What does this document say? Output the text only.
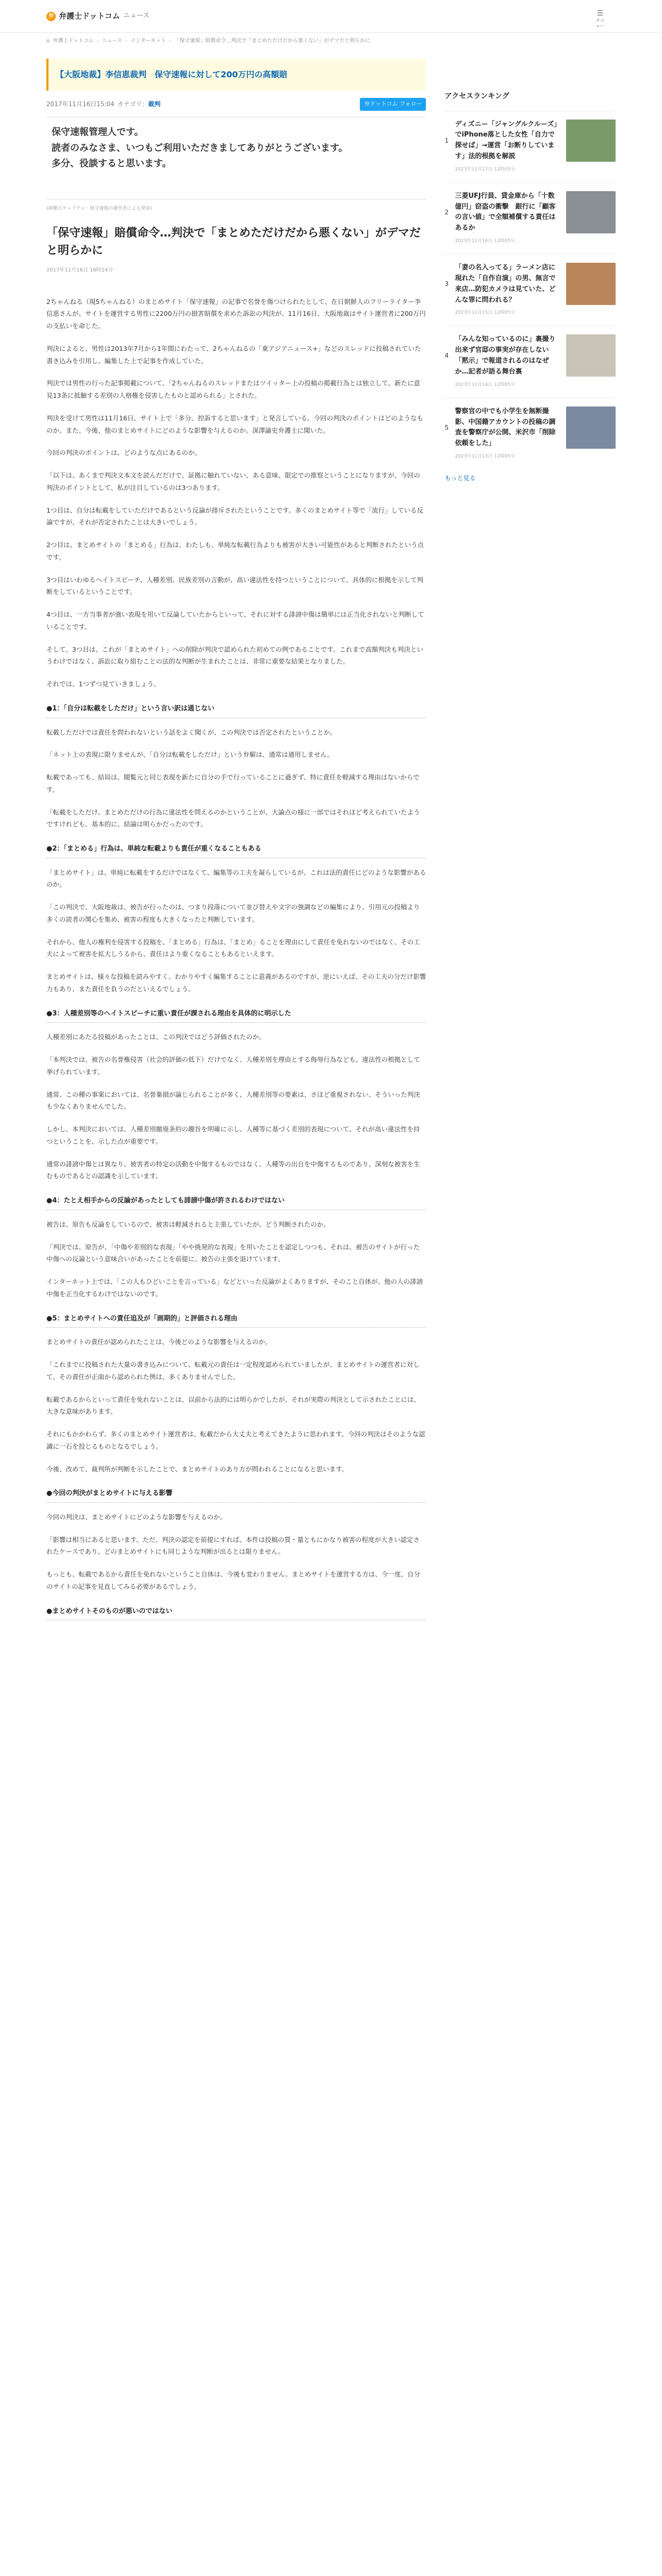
弁 弁護士ドットコム ニュース	☰
メニュー
⌂ 弁護士ドットコム › ニュース › インターネット › 「保守速報」賠償命令…判決で「まとめただけだから悪くない」がデマだと明らかに
【大阪地裁】李信恵裁判　保守速報に対して200万円の高額賠
2017年11月16日15:04 カテゴリ： 裁判	弁ドットコム フォロー
保守速報管理人です。
読者のみなさま、いつもご利用いただきましてありがとうございます。
多分、役談すると思います。
(画像はキャプチャ：保守速報の運営者による発表)
「保守速報」賠償命令…判決で「まとめただけだから悪くない」がデマだと明らかに
2017年11月16日 16時14分

2ちゃんねる（現5ちゃんねる）のまとめサイト「保守速報」の記事で名誉を傷つけられたとして、在日朝鮮人のフリーライター李信恵さんが、サイトを運営する男性に2200万円の損害賠償を求めた訴訟の判決が、11月16日、大阪地裁はサイト運営者に200万円の支払いを命じた。

判決によると、男性は2013年7月から1年間にわたって、2ちゃんねるの「東アジアニュース+」などのスレッドに投稿されていた書き込みを引用し、編集した上で記事を作成していた。

判決では男性の行った記事掲載について、「2ちゃんねるのスレッドまたはツイッター上の投稿の掲載行為とは独立して、新たに意見13条に抵触する差別の人格権を侵害したものと認められる」とされた。

判決を受けて男性は11月16日、サイト上で「多分、控訴すると思います」と発言している。今回の判決のポイントはどのようなものか。また、今後、他のまとめサイトにどのような影響を与えるのか。深澤諭史弁護士に聞いた。

今回の判決のポイントは、どのような点にあるのか。

「以下は、あくまで判決文本文を読んだだけで、証拠に触れていない、ある意味、限定での推察ということになりますが、今回の判決のポイントとして、私が注目しているのは3つあります。

1つ目は、自分は転載をしていただけであるという反論が排斥されたということです。多くのまとめサイト等で「流行」している反論ですが、それが否定されたことは大きいでしょう。

2つ目は、まとめサイトの「まとめる」行為は、わたしも、単純な転載行為よりも被害が大きい可能性があると判断されたという点です。

3つ目はいわゆるヘイトスピーチ、人種差別、民族差別の言動が、高い違法性を持つということについて、具体的に根拠を示して判断をしているということです。

4つ目は、一方当事者が強い表現を用いて反論していたからといって、それに対する誹謗中傷は簡単には正当化されないと判断していることです。

そして、3つ目は、これが「まとめサイト」への削除が判決で認められた初めての例であることです。これまで高額判決も判決というわけではなく、訴訟に取り組むことの法的な判断が生まれたことは、非常に重要な結果となりました。

それでは、1つずつ見ていきましょう。

●1：「自分は転載をしただけ」という言い訳は通じない

転載しただけでは責任を問われないという話をよく聞くが、この判決では否定されたということか。

「ネット上の表現に限りませんが、「自分は転載をしただけ」という弁解は、通常は通用しません。

転載であっても、結局は、閲覧元と同じ表現を新たに自分の手で行っていることに過ぎず、特に責任を軽減する理由はないからです。

「転載をしただけ、まとめただけの行為に違法性を問えるのかということが、大論点の様に一部ではそれほど考えられていたようですけれども、基本的に、結論は明らかだったのです。

●2：「まとめる」行為は、単純な転載よりも責任が重くなることもある

「まとめサイト」は、単純に転載をするだけではなくて、編集等の工夫を凝らしているが、これは法的責任にどのような影響があるのか。

「この判決で、大阪地裁は、被告が行ったのは、つまり段落について並び替えや文字の強調などの編集により、引用元の投稿より多くの読者の関心を集め、被害の程度も大きくなったと判断しています。

それから、他人の権利を侵害する投稿を、「まとめる」行為は、「まとめ」ることを理由にして責任を免れないのではなく、その工夫によって被害を拡大しうるから、責任はより重くなることもあるといえます。

まとめサイトは、様々な投稿を読みやすく、わかりやすく編集することに意義があるのですが、逆にいえば、その工夫の分だけ影響力もあり、また責任を負うのだといえるでしょう。

●3：人種差別等のヘイトスピーチに重い責任が課される理由を具体的に明示した

人種差別にあたる投稿があったことは、この判決ではどう評価されたのか。

「本判決では、被告の名誉権侵害（社会的評価の低下）だけでなく、人種差別を理由とする侮辱行為なども、違法性の根拠として挙げられています。

通常、この種の事案においては、名誉棄損が論じられることが多く、人種差別等の要素は、さほど重視されない、そういった判決も少なくありませんでした。

しかし、本判決においては、人種差別撤廃条約の趣旨を明確に示し、人種等に基づく差別的表現について、それが高い違法性を持つということを、示した点が重要です。

通常の誹謗中傷とは異なり、被害者の特定の活動を中傷するものではなく、人種等の出自を中傷するものであり、深刻な被害を生むものであるとの認識を示しています。

●4：たとえ相手からの反論があったとしても誹謗中傷が許されるわけではない

被告は、原告も反論をしているので、被害は軽減されると主張していたが、どう判断されたのか。

「判決では、原告が、「中傷や差別的な表現」「やや挑発的な表現」を用いたことを認定しつつも、それは、被告のサイトが行った中傷への反論という意味合いがあったことを前提に、被告の主張を退けています。

インターネット上では、「この人もひどいことを言っている」などといった反論がよくありますが、そのこと自体が、他の人の誹謗中傷を正当化するわけではないのです。

●5：まとめサイトへの責任追及が「画期的」と評価される理由

まとめサイトの責任が認められたことは、今後どのような影響を与えるのか。

「これまでに投稿された大量の書き込みについて、転載元の責任は一定程度認められていましたが、まとめサイトの運営者に対して、その責任が正面から認められた例は、多くありませんでした。

転載であるからといって責任を免れないことは、以前から法的には明らかでしたが、それが実際の判決として示されたことには、大きな意味があります。

それにもかかわらず、多くのまとめサイト運営者は、転載だから大丈夫と考えてきたように思われます。今回の判決はそのような認識に一石を投じるものとなるでしょう。

今後、改めて、裁判所が判断を示したことで、まとめサイトのあり方が問われることになると思います。

●今回の判決がまとめサイトに与える影響

今回の判決は、まとめサイトにどのような影響を与えるのか。

「影響は相当にあると思います。ただ、判決の認定を前提にすれば、本件は投稿の質・量ともにかなり被害の程度が大きい認定されたケースであり、どのまとめサイトにも同じような判断が出るとは限りません。

もっとも、転載であるから責任を免れないということ自体は、今後も変わりません。まとめサイトを運営する方は、今一度、自分のサイトの記事を見直してみる必要があるでしょう。

●まとめサイトそのものが悪いのではない
アクセスランキング
1
ディズニー「ジャングルクルーズ」でiPhone落とした女性「自力で探せば」→運営「お断りしています」法的根拠を解説
2023年11月17日 12時05分
2
三菱UFJ行員、貸金庫から「十数億円」窃盗の衝撃　銀行に「顧客の言い値」で全額補償する責任はあるか
2023年11月16日 12時05分
3
「妻の名入ってる」ラーメン店に現れた「自作自演」の男、無言で来店…防犯カメラは見ていた、どんな罪に問われる？
2023年11月15日 12時05分
4
「みんな知っているのに」裏撮り出来ず官邸の事実が存在しない「黙示」で報道されるのはなぜか…記者が語る舞台裏
2023年11月14日 12時05分
5
警察官の中でも小学生を無断撮影、中国籍アカウントの投稿の調査を警察庁が公開、米沢市「削除依頼をした」
2023年11月13日 12時05分
もっと見る
